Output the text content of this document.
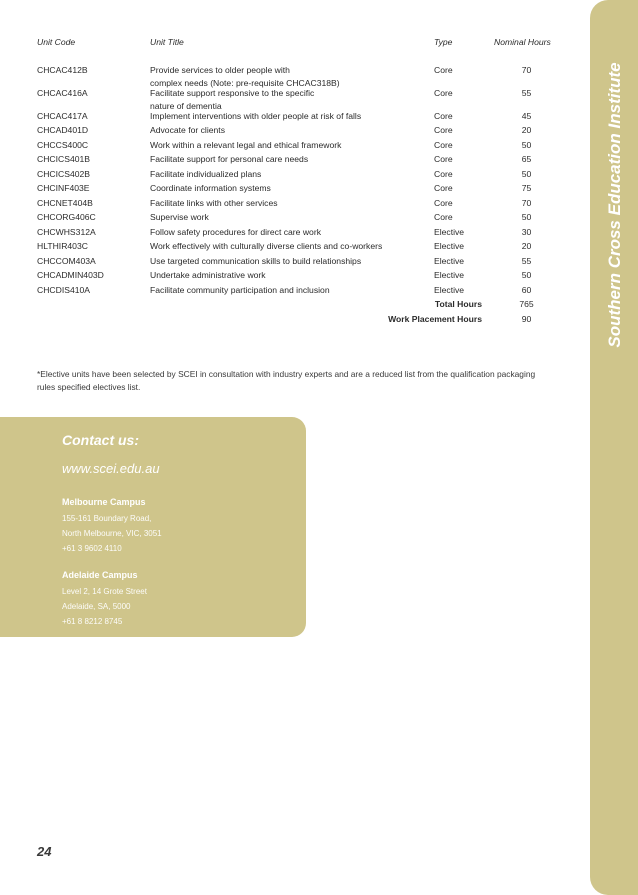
Southern Cross Education Institute
Unit Code	Unit Title	Type	Nominal Hours

CHCAC412B	Provide services to older people with
complex needs (Note: pre-requisite CHCAC318B)	Core	70
CHCAC416A	Facilitate support responsive to the specific
nature of dementia	Core	55
CHCAC417A	Implement interventions with older people at risk of falls	Core	45
CHCAD401D	Advocate for clients	Core	20
CHCCS400C	Work within a relevant legal and ethical framework	Core	50
CHCICS401B	Facilitate support for personal care needs	Core	65
CHCICS402B	Facilitate individualized plans	Core	50
CHCINF403E	Coordinate information systems	Core	75
CHCNET404B	Facilitate links with other services	Core	70
CHCORG406C	Supervise work	Core	50
CHCWHS312A	Follow safety procedures for direct care work	Elective	30
HLTHIR403C	Work effectively with culturally diverse clients and co-workers	Elective	20
CHCCOM403A	Use targeted communication skills to build relationships	Elective	55
CHCADMIN403D	Undertake administrative work	Elective	50
CHCDIS410A	Facilitate community participation and inclusion	Elective	60
Total Hours			765
Work Placement Hours			90
*Elective units have been selected by SCEI in consultation with industry experts and are a reduced list from the qualification packaging rules specified electives list.
Contact us:
www.scei.edu.au
Melbourne Campus
155-161 Boundary Road,
North Melbourne, VIC, 3051
+61 3 9602 4110
Adelaide Campus
Level 2, 14 Grote Street
Adelaide, SA, 5000
+61 8 8212 8745
24
